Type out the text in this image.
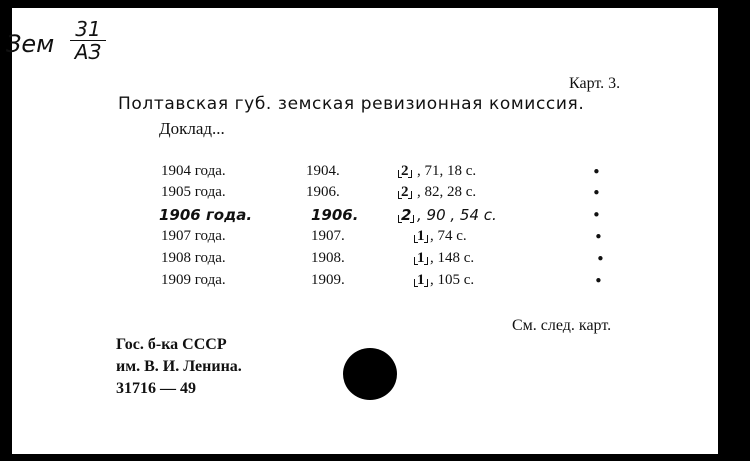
Зем
31
АЗ
Карт. 3.
Полтавская губ. земская ревизионная комиссия.
Доклад...
1904 года.	1904.	2 , 71, 18 с.	•
1905 года.	1906.	2 , 82, 28 с.	•
1906 года.	1906.	2 , 90 , 54 с.	•
1907 года.	1907.	1 , 74 с.	•
1908 года.	1908.	1 , 148 с.	•
1909 года.	1909.	1 , 105 с.	•
См. след. карт.
Гос. б-ка СССР
им. В. И. Ленина.
31716 — 49
